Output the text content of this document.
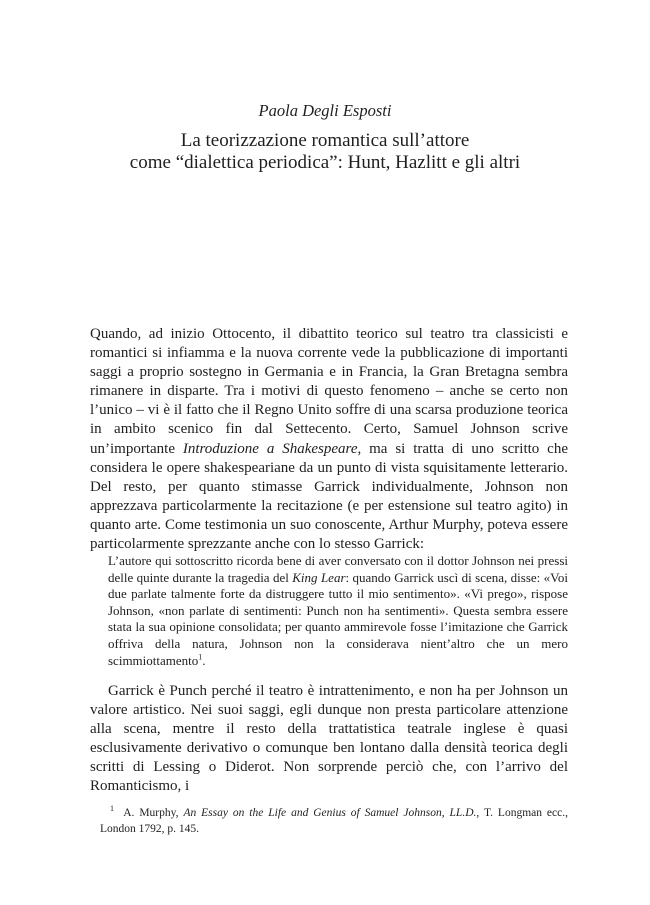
Paola Degli Esposti
La teorizzazione romantica sull’attore
come “dialettica periodica”: Hunt, Hazlitt e gli altri
Quando, ad inizio Ottocento, il dibattito teorico sul teatro tra classicisti e romantici si infiamma e la nuova corrente vede la pubblicazione di importanti saggi a proprio sostegno in Germania e in Francia, la Gran Bretagna sembra rimanere in disparte. Tra i motivi di questo fenomeno – anche se certo non l’unico – vi è il fatto che il Regno Unito soffre di una scarsa produzione teorica in ambito scenico fin dal Settecento. Certo, Samuel Johnson scrive un’importante Introduzione a Shakespeare, ma si tratta di uno scritto che considera le opere shakespeariane da un punto di vista squisitamente letterario. Del resto, per quanto stimasse Garrick individualmente, Johnson non apprezzava particolarmente la recitazione (e per estensione sul teatro agito) in quanto arte. Come testimonia un suo conoscente, Arthur Murphy, poteva essere particolarmente sprezzante anche con lo stesso Garrick:
L’autore qui sottoscritto ricorda bene di aver conversato con il dottor Johnson nei pressi delle quinte durante la tragedia del King Lear: quando Garrick uscì di scena, disse: «Voi due parlate talmente forte da distruggere tutto il mio sentimento». «Vi prego», rispose Johnson, «non parlate di sentimenti: Punch non ha sentimenti». Questa sembra essere stata la sua opinione consolidata; per quanto ammirevole fosse l’imitazione che Garrick offriva della natura, Johnson non la considerava nient’altro che un mero scimmiottamento$^1$.
Garrick è Punch perché il teatro è intrattenimento, e non ha per Johnson un valore artistico. Nei suoi saggi, egli dunque non presta particolare attenzione alla scena, mentre il resto della trattatistica teatrale inglese è quasi esclusivamente derivativo o comunque ben lontano dalla densità teorica degli scritti di Lessing o Diderot. Non sorprende perciò che, con l’arrivo del Romanticismo, i
$^1$ A. Murphy, An Essay on the Life and Genius of Samuel Johnson, LL.D., T. Longman ecc., London 1792, p. 145.
